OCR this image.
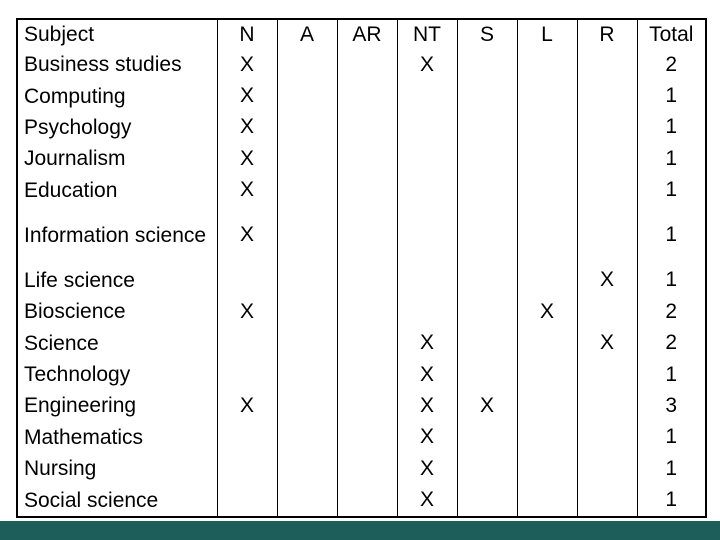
Subject	N	A	AR	NT	S	L	R	Total
Business studies	X			X				2
Computing	X							1
Psychology	X							1
Journalism	X							1
Education	X							1
Information science	X							1
Life science							X	1
Bioscience	X					X		2
Science				X			X	2
Technology				X				1
Engineering	X			X	X			3
Mathematics				X				1
Nursing				X				1
Social science				X				1
